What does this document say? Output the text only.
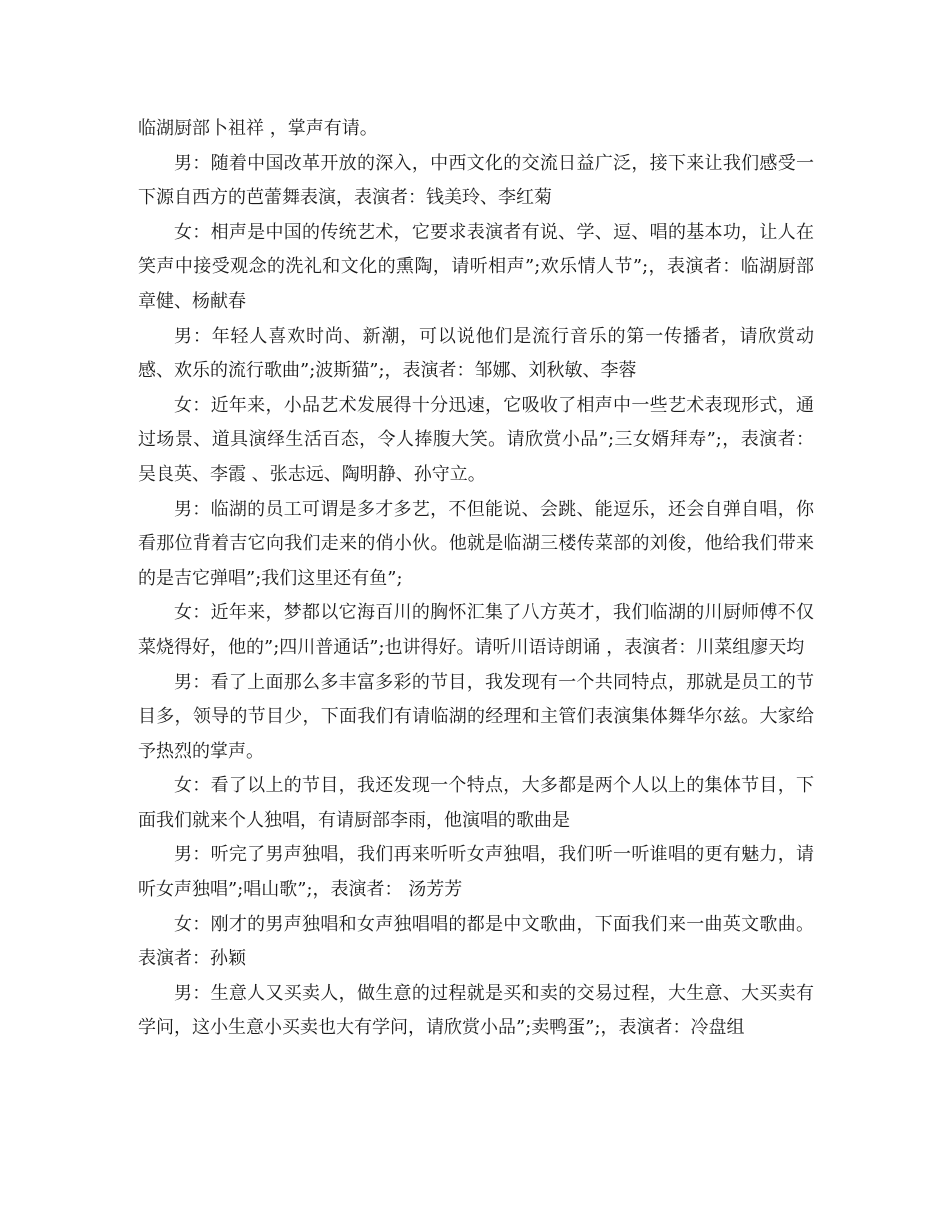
临湖厨部卜祖祥 ，掌声有请。

男：随着中国改革开放的深入，中西文化的交流日益广泛，接下来让我们感受一下源自西方的芭蕾舞表演，表演者：钱美玲、李红菊

女：相声是中国的传统艺术，它要求表演者有说、学、逗、唱的基本功，让人在笑声中接受观念的洗礼和文化的熏陶，请听相声”;欢乐情人节”;，表演者：临湖厨部章健、杨献春

男：年轻人喜欢时尚、新潮，可以说他们是流行音乐的第一传播者，请欣赏动感、欢乐的流行歌曲”;波斯猫”;，表演者：邹娜、刘秋敏、李蓉

女：近年来，小品艺术发展得十分迅速，它吸收了相声中一些艺术表现形式，通过场景、道具演绎生活百态，令人捧腹大笑。请欣赏小品”;三女婿拜寿”;，表演者：吴良英、李霞 、张志远、陶明静、孙守立。

男：临湖的员工可谓是多才多艺，不但能说、会跳、能逗乐，还会自弹自唱，你看那位背着吉它向我们走来的俏小伙。他就是临湖三楼传菜部的刘俊，他给我们带来的是吉它弹唱”;我们这里还有鱼”;

女：近年来，梦都以它海百川的胸怀汇集了八方英才，我们临湖的川厨师傅不仅菜烧得好，他的”;四川普通话”;也讲得好。请听川语诗朗诵 ，表演者：川菜组廖天均

男：看了上面那么多丰富多彩的节目，我发现有一个共同特点，那就是员工的节目多，领导的节目少，下面我们有请临湖的经理和主管们表演集体舞华尔兹。大家给予热烈的掌声。

女：看了以上的节目，我还发现一个特点，大多都是两个人以上的集体节目，下面我们就来个人独唱，有请厨部李雨，他演唱的歌曲是

男：听完了男声独唱，我们再来听听女声独唱，我们听一听谁唱的更有魅力，请听女声独唱”;唱山歌”;，表演者： 汤芳芳

女：刚才的男声独唱和女声独唱唱的都是中文歌曲，下面我们来一曲英文歌曲。表演者：孙颖

男：生意人又买卖人，做生意的过程就是买和卖的交易过程，大生意、大买卖有学问，这小生意小买卖也大有学问，请欣赏小品”;卖鸭蛋”;，表演者：冷盘组
